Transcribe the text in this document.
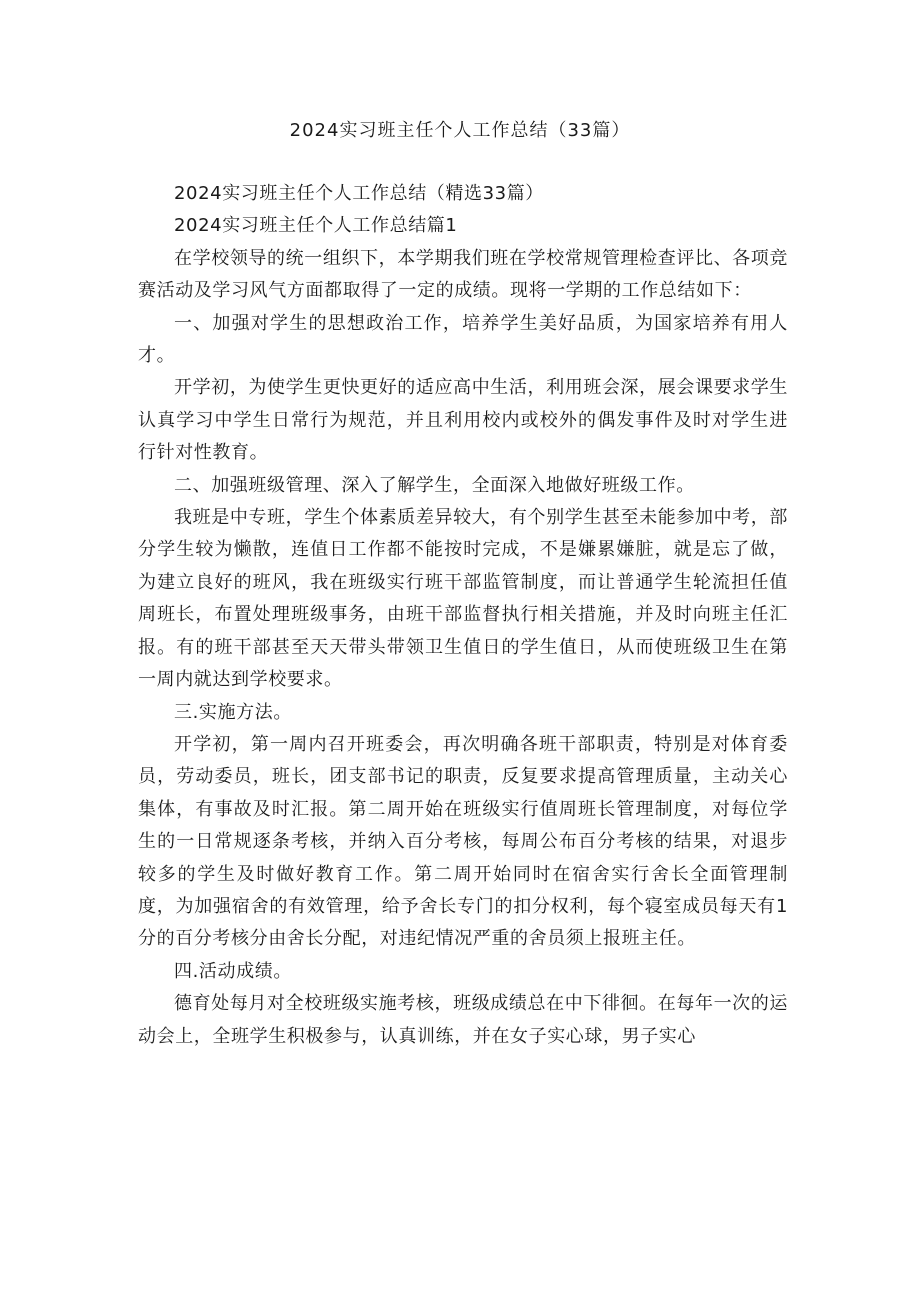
2024实习班主任个人工作总结（33篇）

2024实习班主任个人工作总结（精选33篇）

2024实习班主任个人工作总结篇1

在学校领导的统一组织下，本学期我们班在学校常规管理检查评比、各项竞赛活动及学习风气方面都取得了一定的成绩。现将一学期的工作总结如下：

一、加强对学生的思想政治工作，培养学生美好品质，为国家培养有用人才。

开学初，为使学生更快更好的适应高中生活，利用班会深，展会课要求学生认真学习中学生日常行为规范，并且利用校内或校外的偶发事件及时对学生进行针对性教育。

二、加强班级管理、深入了解学生，全面深入地做好班级工作。

我班是中专班，学生个体素质差异较大，有个别学生甚至未能参加中考，部分学生较为懒散，连值日工作都不能按时完成，不是嫌累嫌脏，就是忘了做，为建立良好的班风，我在班级实行班干部监管制度，而让普通学生轮流担任值周班长，布置处理班级事务，由班干部监督执行相关措施，并及时向班主任汇报。有的班干部甚至天天带头带领卫生值日的学生值日，从而使班级卫生在第一周内就达到学校要求。

三.实施方法。

开学初，第一周内召开班委会，再次明确各班干部职责，特别是对体育委员，劳动委员，班长，团支部书记的职责，反复要求提高管理质量，主动关心集体，有事故及时汇报。第二周开始在班级实行值周班长管理制度，对每位学生的一日常规逐条考核，并纳入百分考核，每周公布百分考核的结果，对退步较多的学生及时做好教育工作。第二周开始同时在宿舍实行舍长全面管理制度，为加强宿舍的有效管理，给予舍长专门的扣分权利，每个寝室成员每天有1分的百分考核分由舍长分配，对违纪情况严重的舍员须上报班主任。

四.活动成绩。

德育处每月对全校班级实施考核，班级成绩总在中下徘徊。在每年一次的运动会上，全班学生积极参与，认真训练，并在女子实心球，男子实心
